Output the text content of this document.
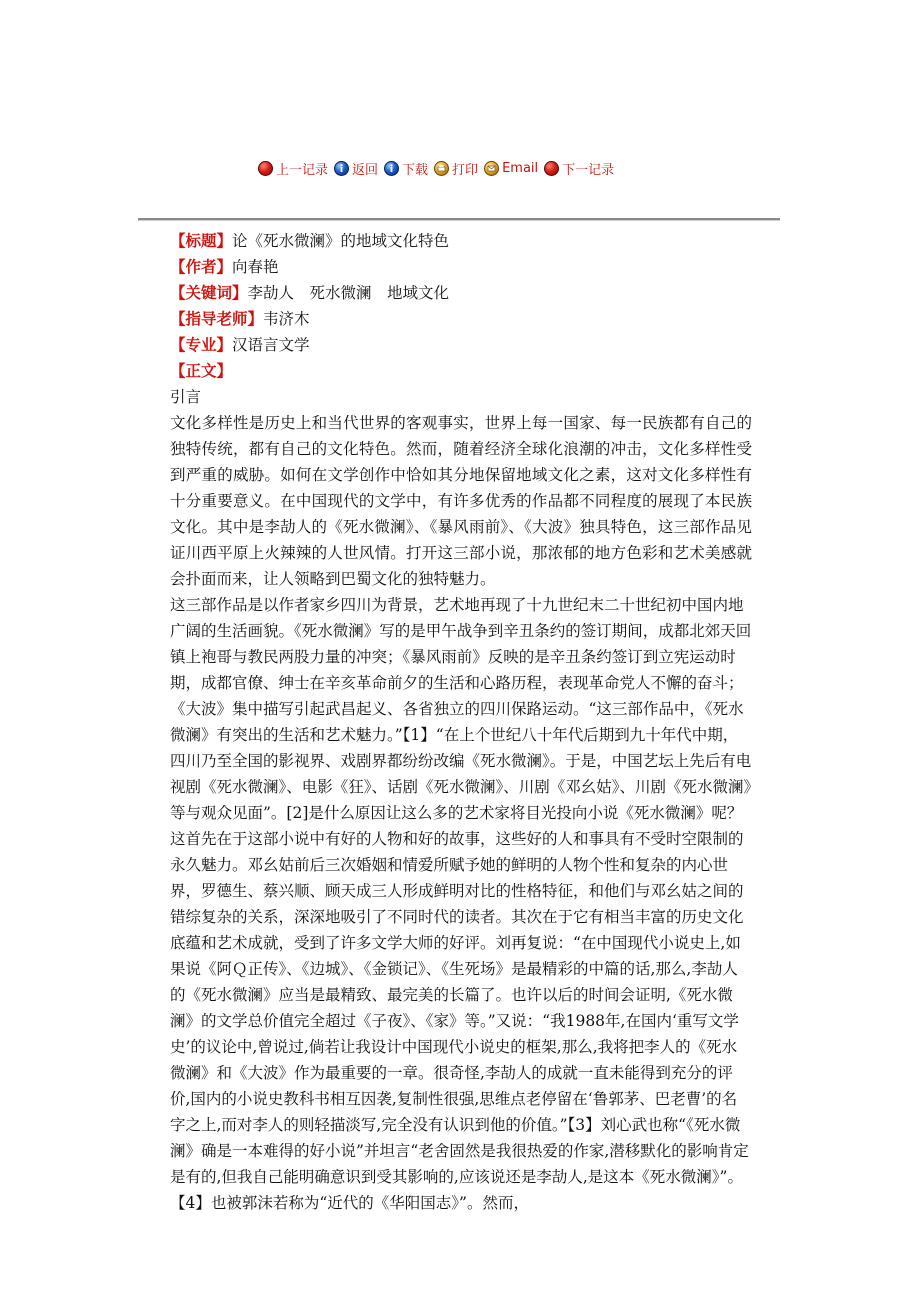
上一记录 返回 下载 打印 Email 下一记录

【标题】论《死水微澜》的地域文化特色

【作者】向春艳

【关键词】李劼人　死水微澜　地域文化

【指导老师】韦济木

【专业】汉语言文学

【正文】

引言

文化多样性是历史上和当代世界的客观事实，世界上每一国家、每一民族都有自己的独特传统，都有自己的文化特色。然而，随着经济全球化浪潮的冲击，文化多样性受到严重的威胁。如何在文学创作中恰如其分地保留地域文化之素，这对文化多样性有十分重要意义。在中国现代的文学中，有许多优秀的作品都不同程度的展现了本民族文化。其中是李劼人的《死水微澜》、《暴风雨前》、《大波》独具特色，这三部作品见证川西平原上火辣辣的人世风情。打开这三部小说，那浓郁的地方色彩和艺术美感就会扑面而来，让人领略到巴蜀文化的独特魅力。

这三部作品是以作者家乡四川为背景，艺术地再现了十九世纪末二十世纪初中国内地广阔的生活画貌。《死水微澜》写的是甲午战争到辛丑条约的签订期间，成都北郊天回镇上袍哥与教民两股力量的冲突；《暴风雨前》反映的是辛丑条约签订到立宪运动时期，成都官僚、绅士在辛亥革命前夕的生活和心路历程，表现革命党人不懈的奋斗；《大波》集中描写引起武昌起义、各省独立的四川保路运动。“这三部作品中，《死水微澜》有突出的生活和艺术魅力。”【1】“在上个世纪八十年代后期到九十年代中期，四川乃至全国的影视界、戏剧界都纷纷改编《死水微澜》。于是，中国艺坛上先后有电视剧《死水微澜》、电影《狂》、话剧《死水微澜》、川剧《邓幺姑》、川剧《死水微澜》等与观众见面”。[2]是什么原因让这么多的艺术家将目光投向小说《死水微澜》呢？这首先在于这部小说中有好的人物和好的故事，这些好的人和事具有不受时空限制的永久魅力。邓幺姑前后三次婚姻和情爱所赋予她的鲜明的人物个性和复杂的内心世界，罗德生、蔡兴顺、顾天成三人形成鲜明对比的性格特征，和他们与邓幺姑之间的错综复杂的关系，深深地吸引了不同时代的读者。其次在于它有相当丰富的历史文化底蕴和艺术成就，受到了许多文学大师的好评。刘再复说：“在中国现代小说史上,如果说《阿Ｑ正传》、《边城》、《金锁记》、《生死场》是最精彩的中篇的话,那么,李劼人的《死水微澜》应当是最精致、最完美的长篇了。也许以后的时间会证明,《死水微澜》的文学总价值完全超过《子夜》、《家》等。”又说：“我1988年,在国内‘重写文学史’的议论中,曾说过,倘若让我设计中国现代小说史的框架,那么,我将把李人的《死水微澜》和《大波》作为最重要的一章。很奇怪,李劼人的成就一直未能得到充分的评价,国内的小说史教科书相互因袭,复制性很强,思维点老停留在‘鲁郭茅、巴老曹’的名字之上,而对李人的则轻描淡写,完全没有认识到他的价值。”【3】刘心武也称“《死水微澜》确是一本难得的好小说”并坦言“老舍固然是我很热爱的作家,潜移默化的影响肯定是有的,但我自己能明确意识到受其影响的,应该说还是李劼人,是这本《死水微澜》”。【4】也被郭沫若称为“近代的《华阳国志》”。然而，
